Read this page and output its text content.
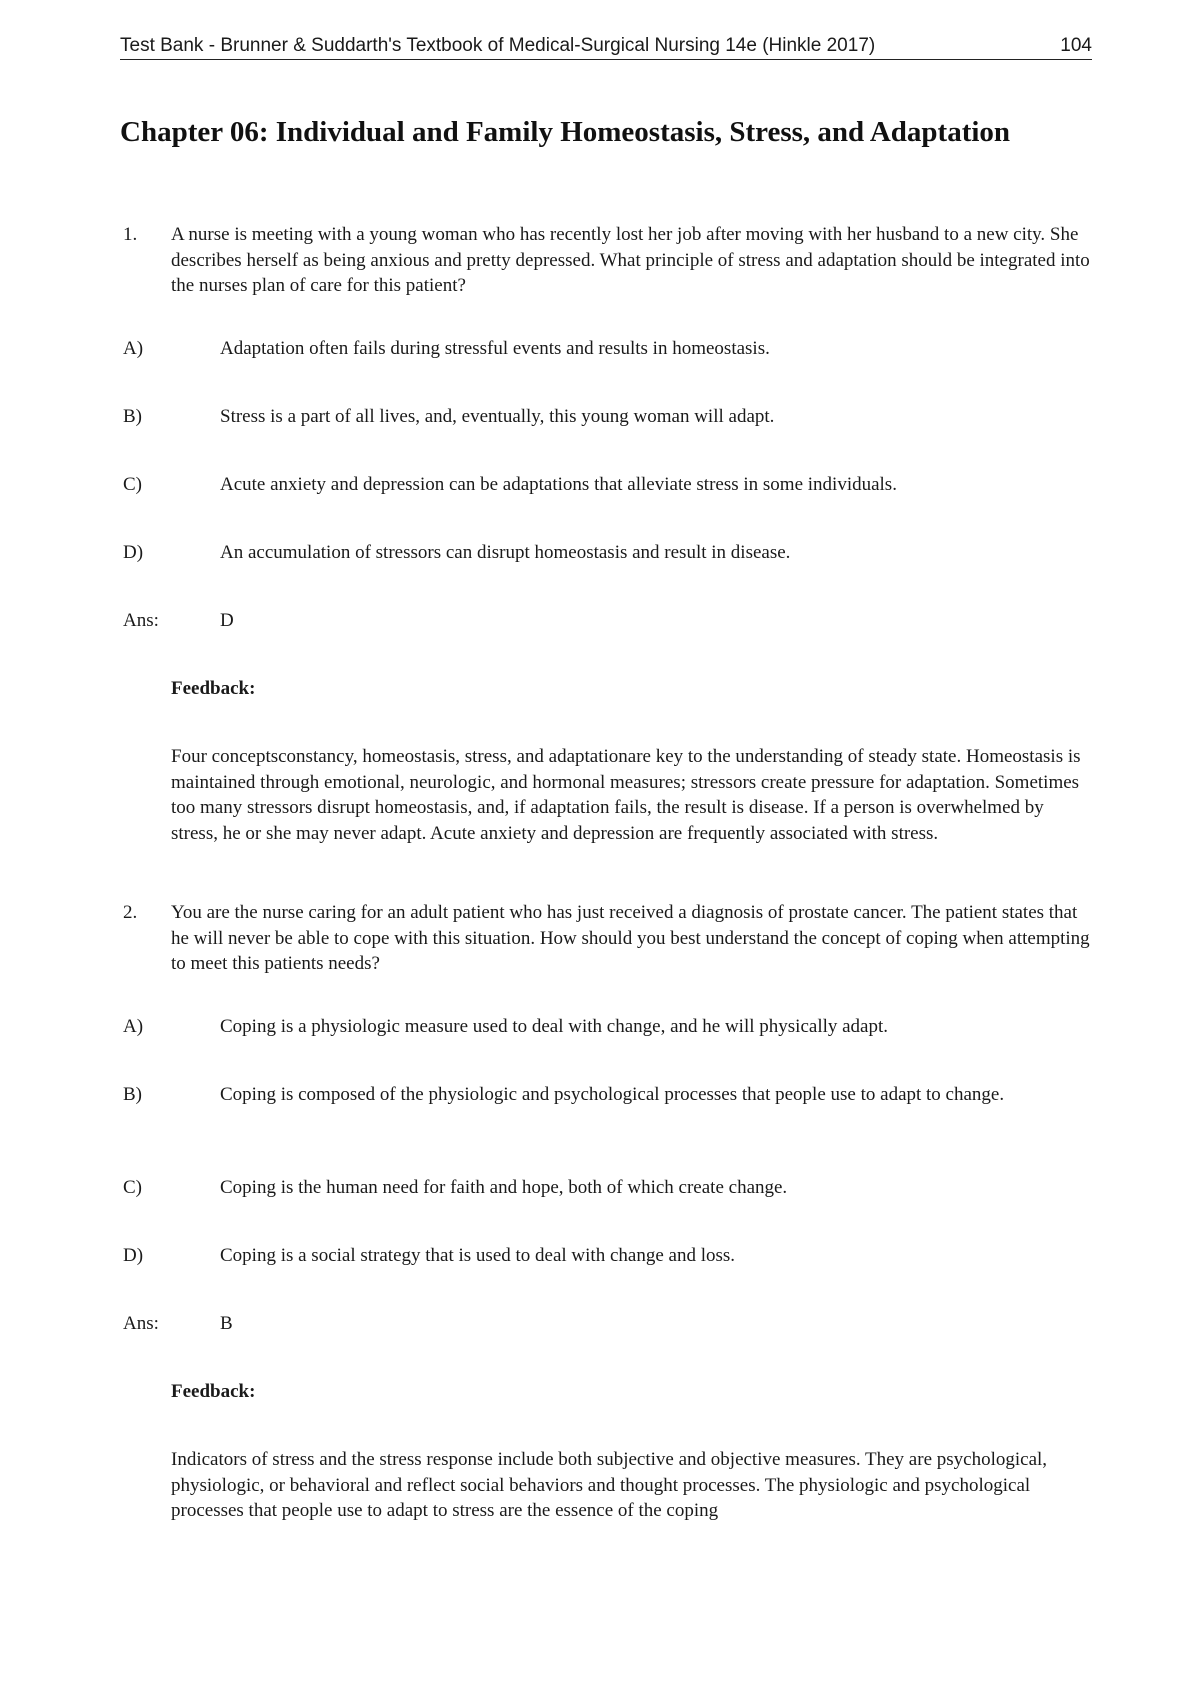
Test Bank - Brunner & Suddarth's Textbook of Medical-Surgical Nursing 14e (Hinkle 2017)	104
Chapter 06: Individual and Family Homeostasis, Stress, and Adaptation
1. A nurse is meeting with a young woman who has recently lost her job after moving with her husband to a new city. She describes herself as being anxious and pretty depressed. What principle of stress and adaptation should be integrated into the nurses plan of care for this patient?
A)	Adaptation often fails during stressful events and results in homeostasis.
B)	Stress is a part of all lives, and, eventually, this young woman will adapt.
C)	Acute anxiety and depression can be adaptations that alleviate stress in some individuals.
D)	An accumulation of stressors can disrupt homeostasis and result in disease.
Ans:	D
Feedback:
Four conceptsconstancy, homeostasis, stress, and adaptationare key to the understanding of steady state. Homeostasis is maintained through emotional, neurologic, and hormonal measures; stressors create pressure for adaptation. Sometimes too many stressors disrupt homeostasis, and, if adaptation fails, the result is disease. If a person is overwhelmed by stress, he or she may never adapt. Acute anxiety and depression are frequently associated with stress.
2. You are the nurse caring for an adult patient who has just received a diagnosis of prostate cancer. The patient states that he will never be able to cope with this situation. How should you best understand the concept of coping when attempting to meet this patients needs?
A)	Coping is a physiologic measure used to deal with change, and he will physically adapt.
B)	Coping is composed of the physiologic and psychological processes that people use to adapt to change.
C)	Coping is the human need for faith and hope, both of which create change.
D)	Coping is a social strategy that is used to deal with change and loss.
Ans:	B
Feedback:
Indicators of stress and the stress response include both subjective and objective measures. They are psychological, physiologic, or behavioral and reflect social behaviors and thought processes. The physiologic and psychological processes that people use to adapt to stress are the essence of the coping
